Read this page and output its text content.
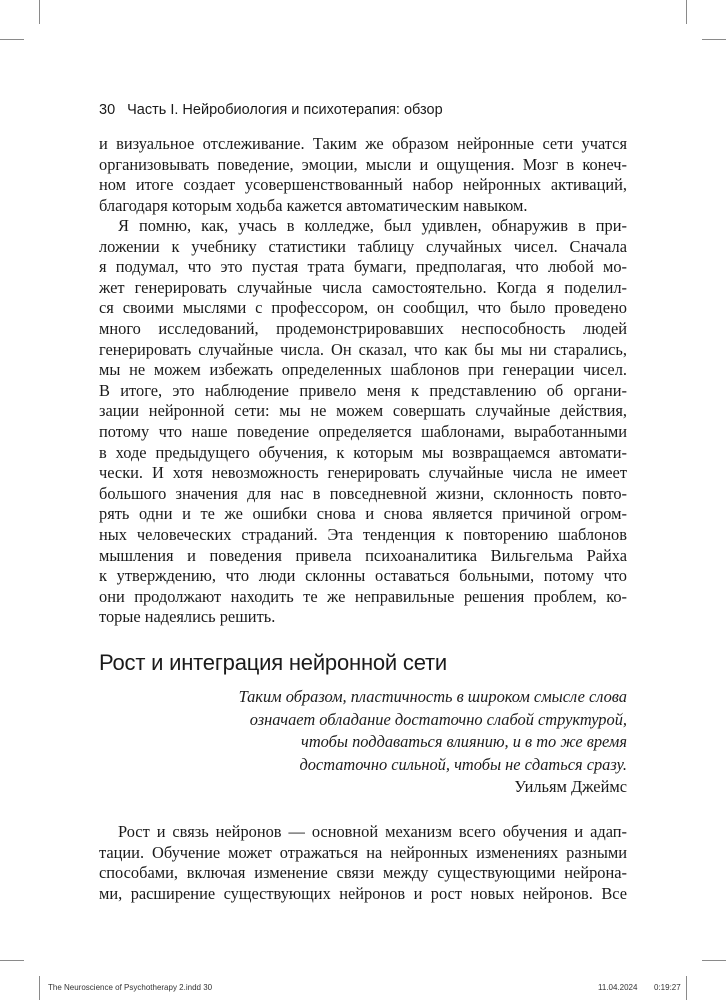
30 Часть I. Нейробиология и психотерапия: обзор

и визуальное отслеживание. Таким же образом нейронные сети учатся
организовывать поведение, эмоции, мысли и ощущения. Мозг в конеч-
ном итоге создает усовершенствованный набор нейронных активаций,
благодаря которым ходьба кажется автоматическим навыком.

Я помню, как, учась в колледже, был удивлен, обнаружив в при-
ложении к учебнику статистики таблицу случайных чисел. Сначала
я подумал, что это пустая трата бумаги, предполагая, что любой мо-
жет генерировать случайные числа самостоятельно. Когда я поделил-
ся своими мыслями с профессором, он сообщил, что было проведено
много исследований, продемонстрировавших неспособность людей
генерировать случайные числа. Он сказал, что как бы мы ни старались,
мы не можем избежать определенных шаблонов при генерации чисел.
В итоге, это наблюдение привело меня к представлению об органи-
зации нейронной сети: мы не можем совершать случайные действия,
потому что наше поведение определяется шаблонами, выработанными
в ходе предыдущего обучения, к которым мы возвращаемся автомати-
чески. И хотя невозможность генерировать случайные числа не имеет
большого значения для нас в повседневной жизни, склонность повто-
рять одни и те же ошибки снова и снова является причиной огром-
ных человеческих страданий. Эта тенденция к повторению шаблонов
мышления и поведения привела психоаналитика Вильгельма Райха
к утверждению, что люди склонны оставаться больными, потому что
они продолжают находить те же неправильные решения проблем, ко-
торые надеялись решить.

Рост и интеграция нейронной сети
Таким образом, пластичность в широком смысле слова
означает обладание достаточно слабой структурой,
чтобы поддаваться влиянию, и в то же время
достаточно сильной, чтобы не сдаться сразу.
Уильям Джеймс

Рост и связь нейронов — основной механизм всего обучения и адап-
тации. Обучение может отражаться на нейронных изменениях разными
способами, включая изменение связи между существующими нейрона-
ми, расширение существующих нейронов и рост новых нейронов. Все

The Neuroscience of Psychotherapy 2.indd 30	11.04.2024 0:19:27
